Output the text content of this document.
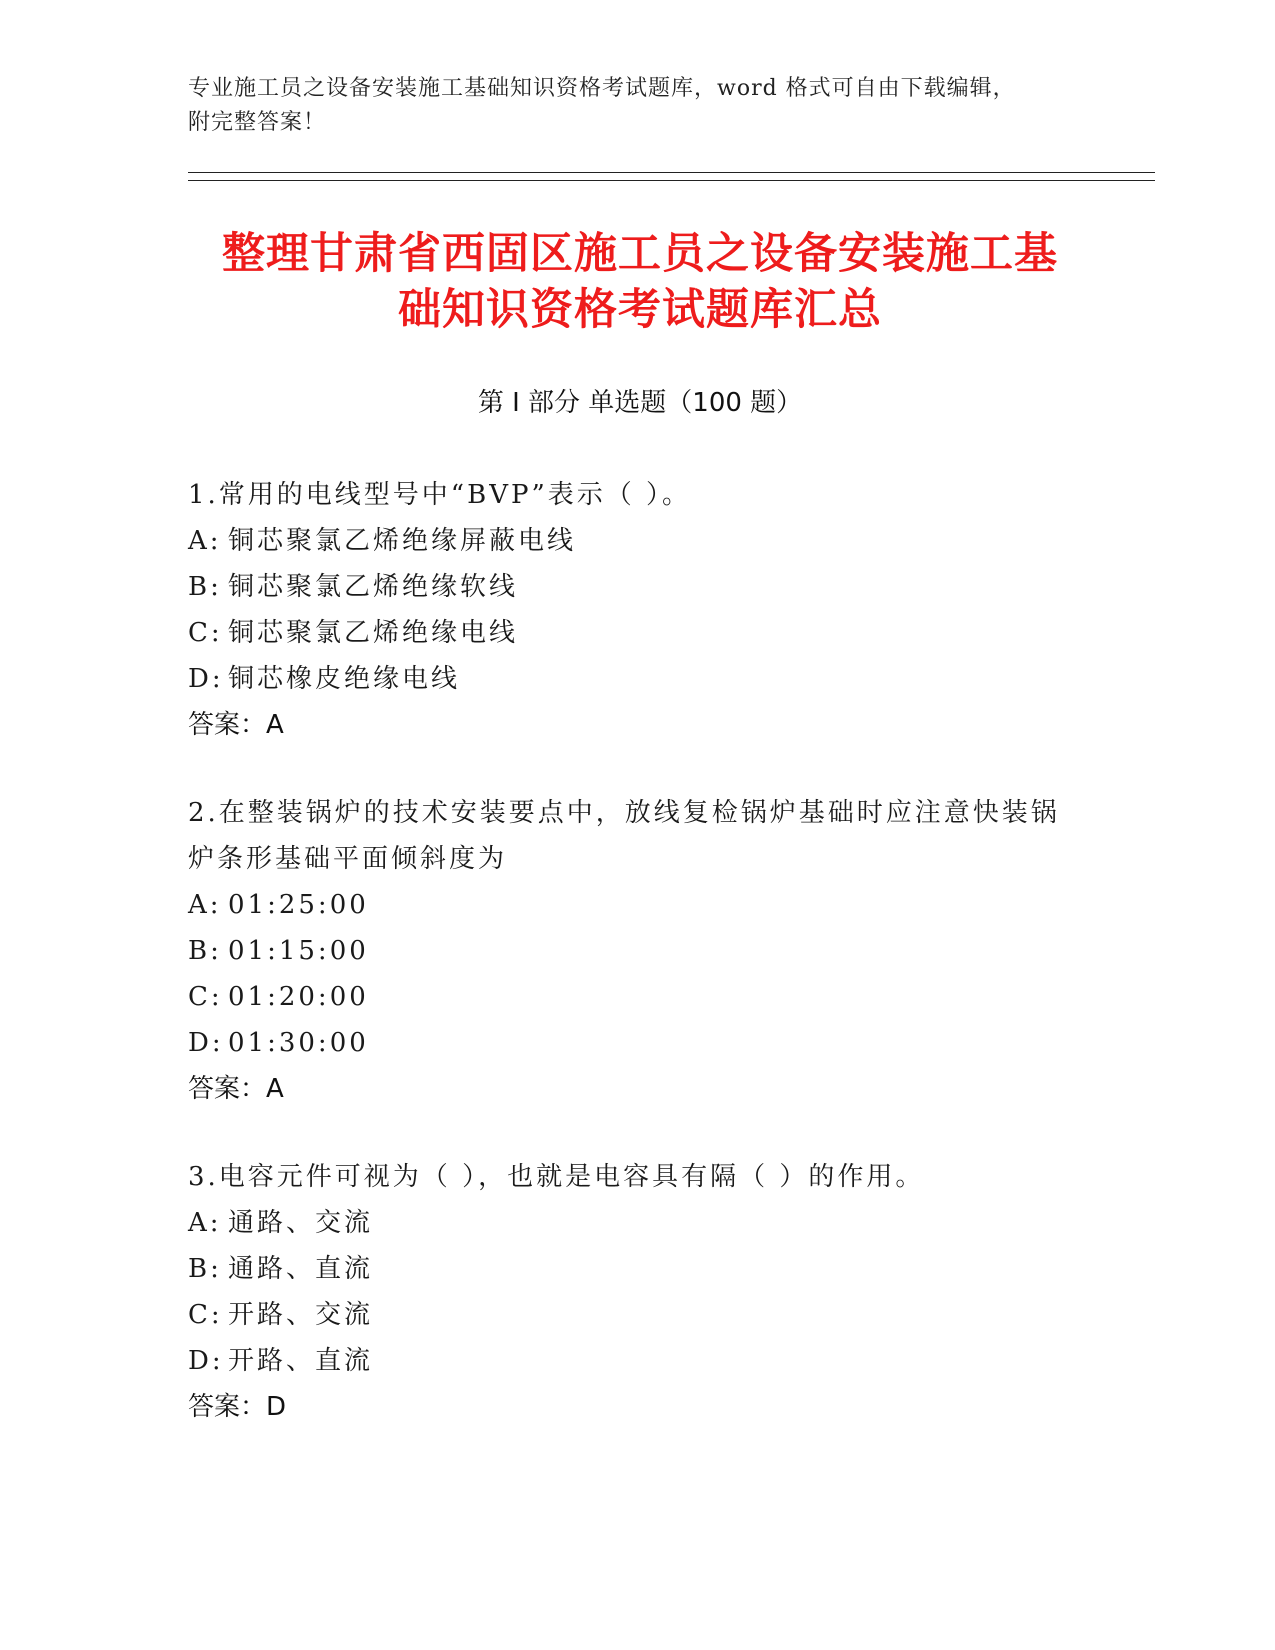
专业施工员之设备安装施工基础知识资格考试题库，word 格式可自由下载编辑，
附完整答案！
整理甘肃省西固区施工员之设备安装施工基
础知识资格考试题库汇总
第 I 部分 单选题（100 题）

1.常用的电线型号中“BVP”表示（ ）。

A: 铜芯聚氯乙烯绝缘屏蔽电线

B: 铜芯聚氯乙烯绝缘软线

C: 铜芯聚氯乙烯绝缘电线

D: 铜芯橡皮绝缘电线

答案：A

2.在整装锅炉的技术安装要点中，放线复检锅炉基础时应注意快装锅炉条形基础平面倾斜度为

A: 01:25:00

B: 01:15:00

C: 01:20:00

D: 01:30:00

答案：A

3.电容元件可视为（ ），也就是电容具有隔（ ）的作用。

A: 通路、交流

B: 通路、直流

C: 开路、交流

D: 开路、直流

答案：D
